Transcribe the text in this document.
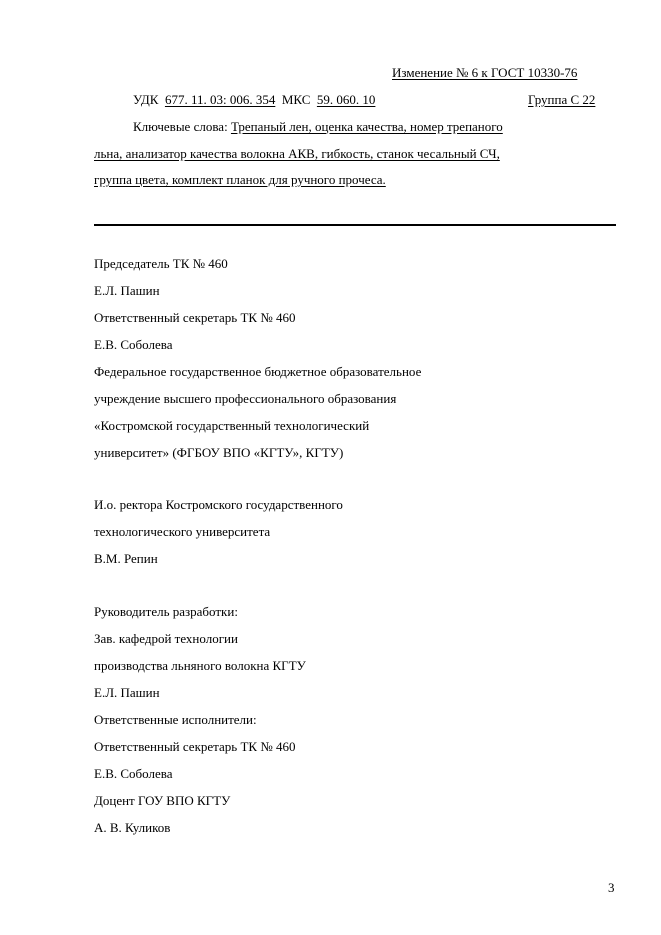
Изменение № 6 к ГОСТ 10330-76
УДК 677. 11. 03: 006. 354 МКС 59. 060. 10	Группа С 22
Ключевые слова: Трепаный лен, оценка качества, номер трепаного
льна, анализатор качества волокна АКВ, гибкость, станок чесальный СЧ,
группа цвета, комплект планок для ручного прочеса.
Председатель ТК № 460
Е.Л. Пашин
Ответственный секретарь ТК № 460
Е.В. Соболева
Федеральное государственное бюджетное образовательное
учреждение высшего профессионального образования
«Костромской государственный технологический
университет» (ФГБОУ ВПО «КГТУ», КГТУ)
И.о. ректора Костромского государственного
технологического университета
В.М. Репин
Руководитель разработки:
Зав. кафедрой технологии
производства льняного волокна КГТУ
Е.Л. Пашин
Ответственные исполнители:
Ответственный секретарь ТК № 460
Е.В. Соболева
Доцент ГОУ ВПО КГТУ
А. В. Куликов
3
